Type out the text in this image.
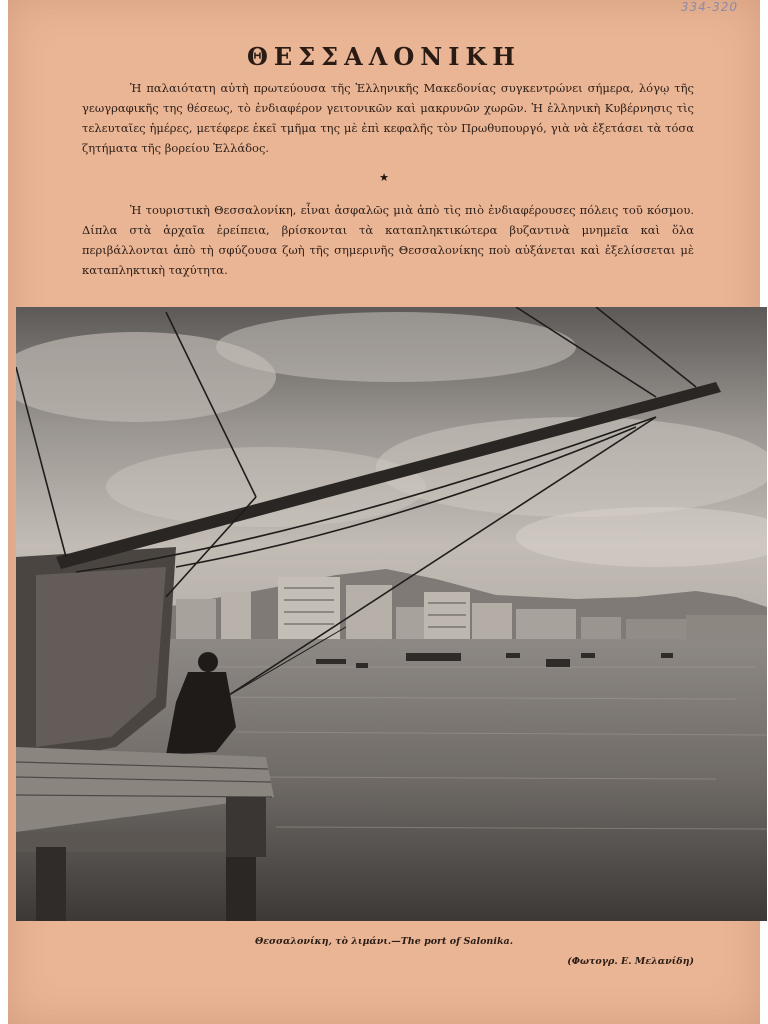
334-320
ΘΕΣΣΑΛΟΝΙΚΗ

Ἡ παλαιότατη αὐτὴ πρωτεύουσα τῆς Ἑλληνικῆς Μακεδονίας συγκεντρώνει σήμερα, λόγῳ τῆς γεωγραφικῆς της θέσεως, τὸ ἐνδιαφέρον γειτονικῶν καὶ μακρυνῶν χωρῶν. Ἡ ἑλληνικὴ Κυβέρνησις τὶς τελευταῖες ἡμέρες, μετέφερε ἐκεῖ τμῆμα της μὲ ἐπὶ κεφαλῆς τὸν Πρωθυπουργό, γιὰ νὰ ἐξετάσει τὰ τόσα ζητήματα τῆς βορείου Ἑλλάδος.

★

Ἡ τουριστικὴ Θεσσαλονίκη, εἶναι ἀσφαλῶς μιὰ ἀπὸ τὶς πιὸ ἐνδιαφέρουσες πόλεις τοῦ κόσμου. Δίπλα στὰ ἀρχαῖα ἐρείπεια, βρίσκονται τὰ καταπληκτικώτερα βυζαντινὰ μνημεῖα καὶ ὅλα περιβάλλονται ἀπὸ τὴ σφύζουσα ζωὴ τῆς σημερινῆς Θεσσαλονίκης ποὺ αὐξάνεται καὶ ἐξελίσσεται μὲ καταπληκτικὴ ταχύτητα.

Θεσσαλονίκη, τὸ λιμάνι.—The port of Salonika.

(Φωτογρ. Ε. Μελανίδη)
